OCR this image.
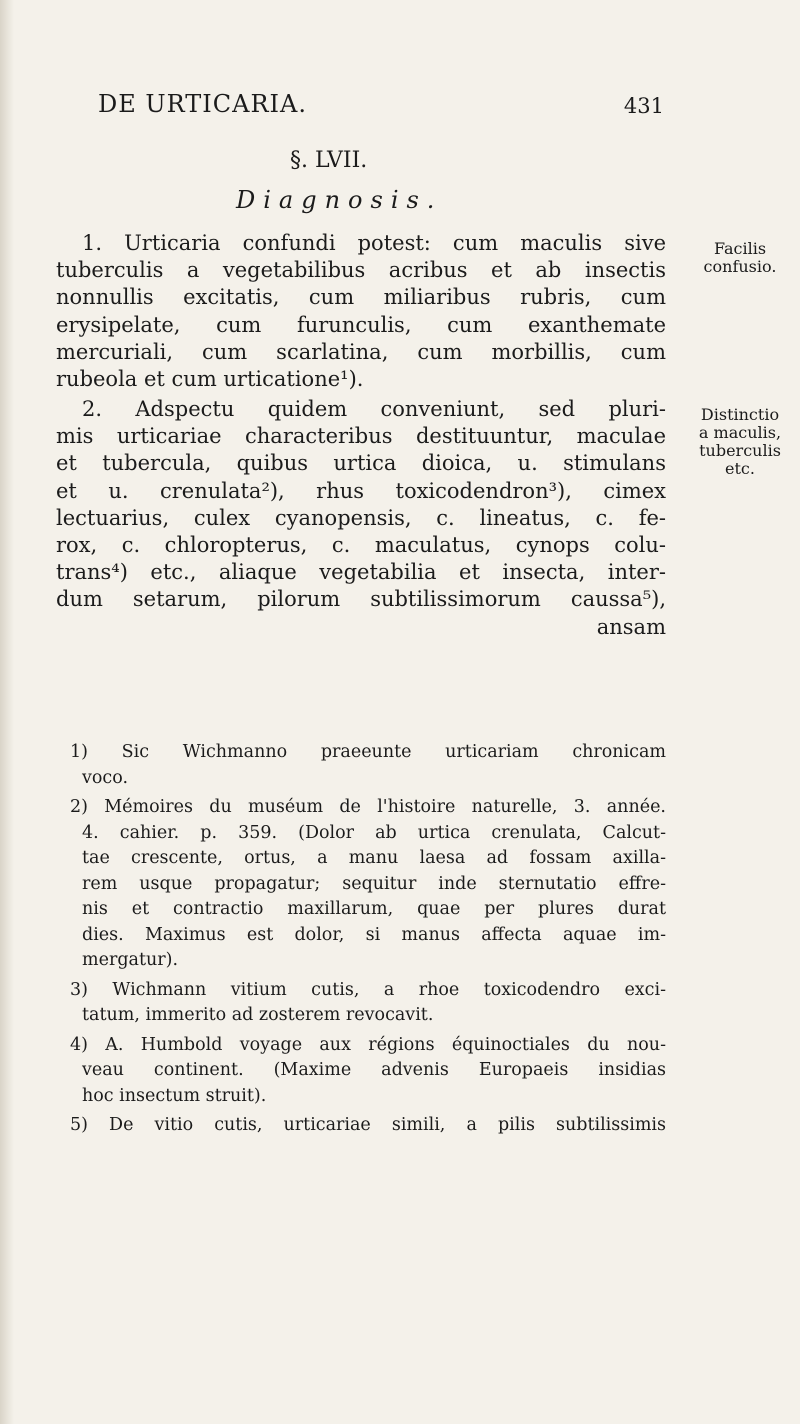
DE URTICARIA.	431
§. LVII.
Diagnosis.
1. Urticaria confundi potest: cum maculis sive
tuberculis a vegetabilibus acribus et ab insectis
nonnullis excitatis, cum miliaribus rubris, cum
erysipelate, cum furunculis, cum exanthemate
mercuriali, cum scarlatina, cum morbillis, cum
rubeola et cum urticatione¹).
Facilis
confusio.
2. Adspectu quidem conveniunt, sed pluri-
mis urticariae characteribus destituuntur, maculae
et tubercula, quibus urtica dioica, u. stimulans
et u. crenulata²), rhus toxicodendron³), cimex
lectuarius, culex cyanopensis, c. lineatus, c. fe-
rox, c. chloropterus, c. maculatus, cynops colu-
trans⁴) etc., aliaque vegetabilia et insecta, inter-
dum setarum, pilorum subtilissimorum caussa⁵),
ansam
Distinctio
a maculis,
tuberculis
etc.
1) Sic Wichmanno praeeunte urticariam chronicam
voco.
2) Mémoires du muséum de l'histoire naturelle, 3. année.
4. cahier. p. 359. (Dolor ab urtica crenulata, Calcut-
tae crescente, ortus, a manu laesa ad fossam axilla-
rem usque propagatur; sequitur inde sternutatio effre-
nis et contractio maxillarum, quae per plures durat
dies. Maximus est dolor, si manus affecta aquae im-
mergatur).
3) Wichmann vitium cutis, a rhoe toxicodendro exci-
tatum, immerito ad zosterem revocavit.
4) A. Humbold voyage aux régions équinoctiales du nou-
veau continent. (Maxime advenis Europaeis insidias
hoc insectum struit).
5) De vitio cutis, urticariae simili, a pilis subtilissimis
